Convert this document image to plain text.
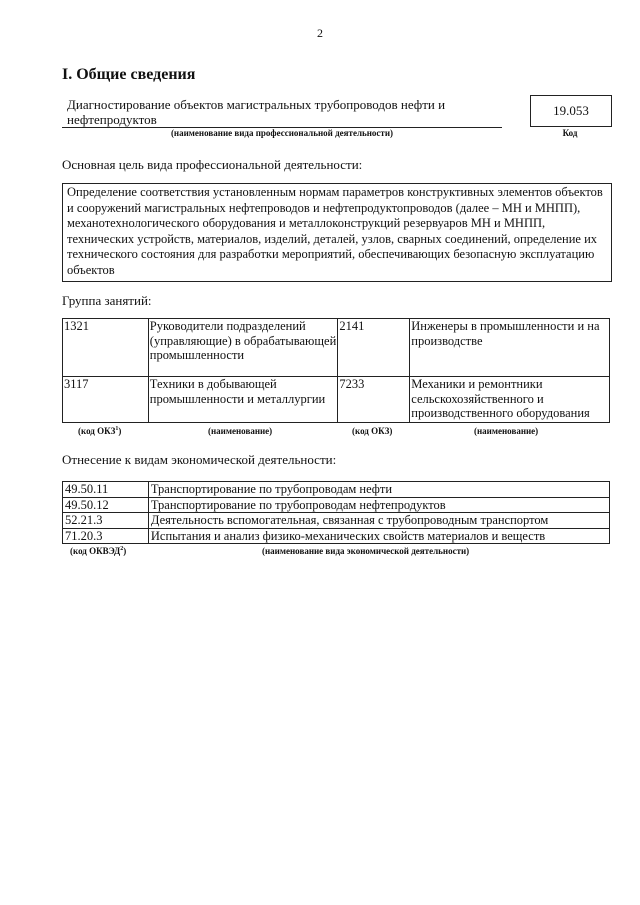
2
I. Общие сведения
Диагностирование объектов магистральных трубопроводов нефти и нефтепродуктов
(наименование вида профессиональной деятельности)
19.053
Код
Основная цель вида профессиональной деятельности:
Определение соответствия установленным нормам параметров конструктивных элементов объектов и сооружений магистральных нефтепроводов и нефтепродуктопроводов (далее – МН и МНПП), механотехнологического оборудования и металлоконструкций резервуаров МН и МНПП, технических устройств, материалов, изделий, деталей, узлов, сварных соединений, определение их технического состояния для разработки мероприятий, обеспечивающих безопасную эксплуатацию объектов
Группа занятий:
1321	Руководители подразделений (управляющие) в обрабатывающей промышленности	2141	Инженеры в промышленности и на производстве
3117	Техники в добывающей промышленности и металлургии	7233	Механики и ремонтники сельскохозяйственного и производственного оборудования
(код ОКЗ$^1$)	(наименование)	(код ОКЗ)	(наименование)
Отнесение к видам экономической деятельности:
49.50.11	Транспортирование по трубопроводам нефти
49.50.12	Транспортирование по трубопроводам нефтепродуктов
52.21.3	Деятельность вспомогательная, связанная с трубопроводным транспортом
71.20.3	Испытания и анализ физико-механических свойств материалов и веществ
(код ОКВЭД$^2$)	(наименование вида экономической деятельности)
